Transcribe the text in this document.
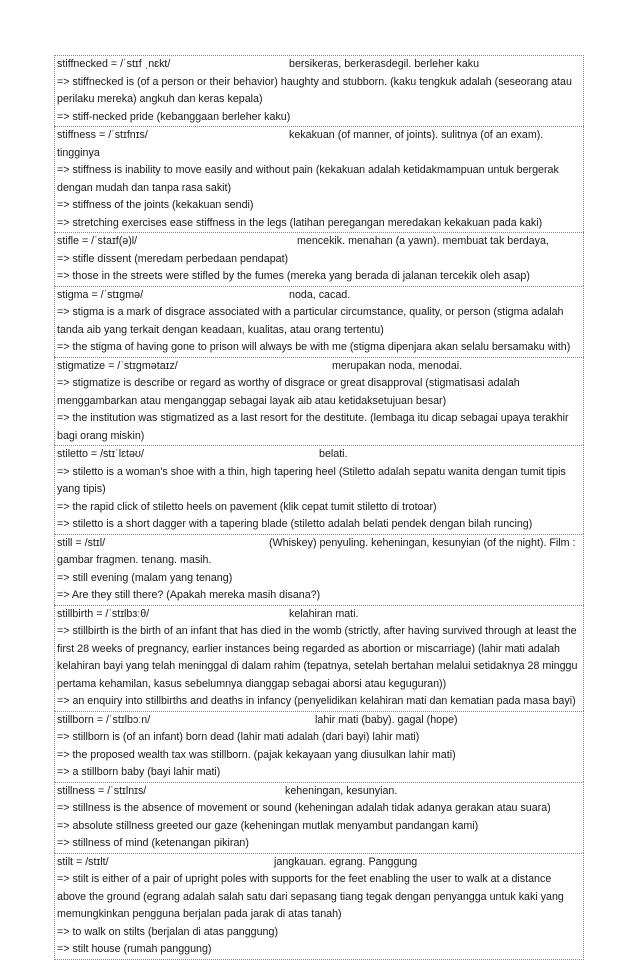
stiffnecked = /ˈstɪf ˌnɛkt/	bersikeras, berkerasdegil. berleher kaku
=> stiffnecked is (of a person or their behavior) haughty and stubborn. (kaku tengkuk adalah (seseorang atau perilaku mereka) angkuh dan keras kepala)
=> stiff-necked pride (kebanggaan berleher kaku)
stiffness = /ˈstɪfnɪs/	kekakuan (of manner, of joints). sulitnya (of an exam). tingginya
=> stiffness is inability to move easily and without pain (kekakuan adalah ketidakmampuan untuk bergerak dengan mudah dan tanpa rasa sakit)
=> stiffness of the joints (kekakuan sendi)
=> stretching exercises ease stiffness in the legs (latihan peregangan meredakan kekakuan pada kaki)
stifle = /ˈstaɪf(ə)l/	mencekik. menahan (a yawn). membuat tak berdaya,
=> stifle dissent (meredam perbedaan pendapat)
=> those in the streets were stifled by the fumes (mereka yang berada di jalanan tercekik oleh asap)
stigma = /ˈstɪɡmə/	noda, cacad.
=> stigma is a mark of disgrace associated with a particular circumstance, quality, or person (stigma adalah tanda aib yang terkait dengan keadaan, kualitas, atau orang tertentu)
=> the stigma of having gone to prison will always be with me (stigma dipenjara akan selalu bersamaku with)
stigmatize = /ˈstɪɡmətaɪz/	merupakan noda, menodai.
=> stigmatize is describe or regard as worthy of disgrace or great disapproval (stigmatisasi adalah menggambarkan atau menganggap sebagai layak aib atau ketidaksetujuan besar)
=> the institution was stigmatized as a last resort for the destitute. (lembaga itu dicap sebagai upaya terakhir bagi orang miskin)
stiletto = /stɪˈlɛtəʊ/	belati.
=> stiletto is a woman's shoe with a thin, high tapering heel (Stiletto adalah sepatu wanita dengan tumit tipis yang tipis)
=> the rapid click of stiletto heels on pavement (klik cepat tumit stiletto di trotoar)
=> stiletto is a short dagger with a tapering blade (stiletto adalah belati pendek dengan bilah runcing)
still = /stɪl/	(Whiskey) penyuling. keheningan, kesunyian (of the night). Film : gambar fragmen. tenang. masih.
=> still evening (malam yang tenang)
=> Are they still there? (Apakah mereka masih disana?)
stillbirth = /ˈstɪlbɜːθ/	kelahiran mati.
=> stillbirth is the birth of an infant that has died in the womb (strictly, after having survived through at least the first 28 weeks of pregnancy, earlier instances being regarded as abortion or miscarriage) (lahir mati adalah kelahiran bayi yang telah meninggal di dalam rahim (tepatnya, setelah bertahan melalui setidaknya 28 minggu pertama kehamilan, kasus sebelumnya dianggap sebagai aborsi atau keguguran))
=> an enquiry into stillbirths and deaths in infancy (penyelidikan kelahiran mati dan kematian pada masa bayi)
stillborn = /ˈstɪlbɔːn/	lahir mati (baby). gagal (hope)
=> stillborn is (of an infant) born dead (lahir mati adalah (dari bayi) lahir mati)
=> the proposed wealth tax was stillborn. (pajak kekayaan yang diusulkan lahir mati)
=> a stillborn baby (bayi lahir mati)
stillness = /ˈstɪlnɪs/	keheningan, kesunyian.
=> stillness is the absence of movement or sound (keheningan adalah tidak adanya gerakan atau suara)
=> absolute stillness greeted our gaze (keheningan mutlak menyambut pandangan kami)
=> stillness of mind (ketenangan pikiran)
stilt = /stɪlt/	jangkauan. egrang. Panggung
=> stilt is either of a pair of upright poles with supports for the feet enabling the user to walk at a distance above the ground (egrang adalah salah satu dari sepasang tiang tegak dengan penyangga untuk kaki yang memungkinkan pengguna berjalan pada jarak di atas tanah)
=> to walk on stilts (berjalan di atas panggung)
=> stilt house (rumah panggung)
